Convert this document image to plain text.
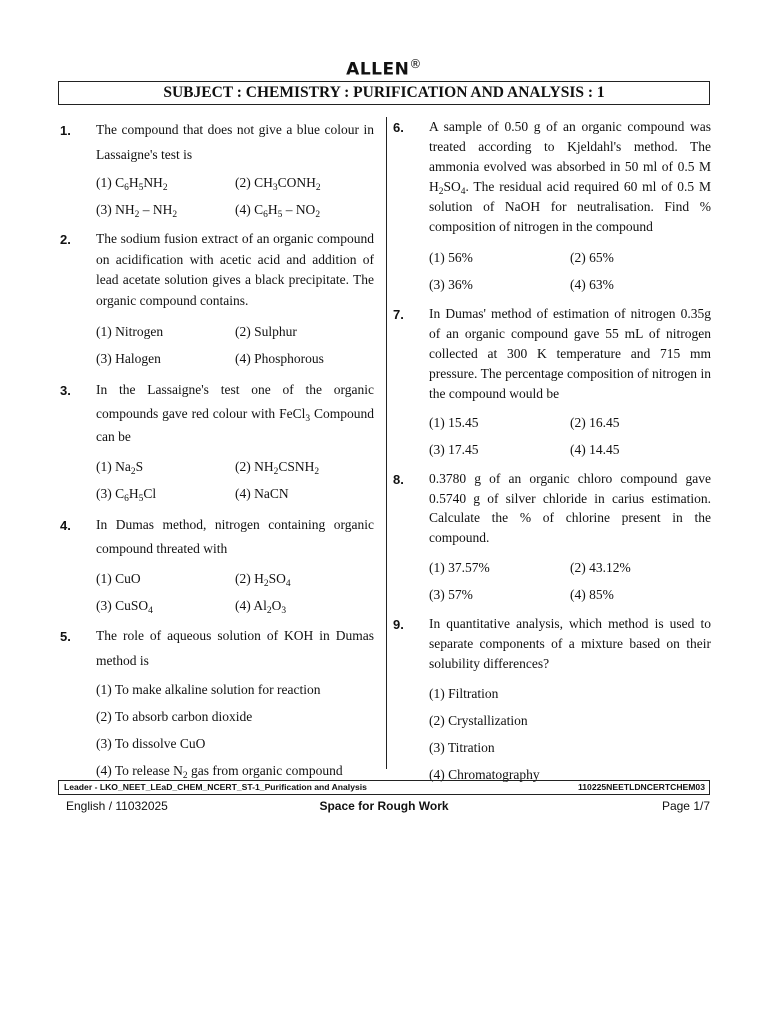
ALLEN®
SUBJECT : CHEMISTRY : PURIFICATION AND ANALYSIS : 1
1. The compound that does not give a blue colour in Lassaigne's test is
(1) $C_6H_5NH_2$	(2) $CH_3CONH_2$
(3) $NH_2 - NH_2$	(4) $C_6H_5 - NO_2$
2. The sodium fusion extract of an organic compound on acidification with acetic acid and addition of lead acetate solution gives a black precipitate. The organic compound contains.
(1) Nitrogen	(2) Sulphur
(3) Halogen	(4) Phosphorous
3. In the Lassaigne's test one of the organic compounds gave red colour with FeCl$_3$ Compound can be
(1) $Na_2S$	(2) $NH_2CSNH_2$
(3) $C_6H_5Cl$	(4) NaCN
4. In Dumas method, nitrogen containing organic compound threated with
(1) CuO	(2) $H_2SO_4$
(3) CuSO$_4$	(4) $Al_2O_3$
5. The role of aqueous solution of KOH in Dumas method is
(1) To make alkaline solution for reaction
(2) To absorb carbon dioxide
(3) To dissolve CuO
(4) To release $N_2$ gas from organic compound
6. A sample of 0.50 g of an organic compound was treated according to Kjeldahl's method. The ammonia evolved was absorbed in 50 ml of 0.5 M $H_2SO_4$. The residual acid required 60 ml of 0.5 M solution of NaOH for neutralisation. Find % composition of nitrogen in the compound
(1) 56%	(2) 65%
(3) 36%	(4) 63%
7. In Dumas' method of estimation of nitrogen 0.35g of an organic compound gave 55 mL of nitrogen collected at 300 K temperature and 715 mm pressure. The percentage composition of nitrogen in the compound would be
(1) 15.45	(2) 16.45
(3) 17.45	(4) 14.45
8. 0.3780 g of an organic chloro compound gave 0.5740 g of silver chloride in carius estimation. Calculate the % of chlorine present in the compound.
(1) 37.57%	(2) 43.12%
(3) 57%	(4) 85%
9. In quantitative analysis, which method is used to separate components of a mixture based on their solubility differences?
(1) Filtration
(2) Crystallization
(3) Titration
(4) Chromatography
Leader - LKO_NEET_LEaD_CHEM_NCERT_ST-1_Purification and Analysis	110225NEETLDNCERTCHEM03
English / 11032025	Space for Rough Work	Page 1/7
